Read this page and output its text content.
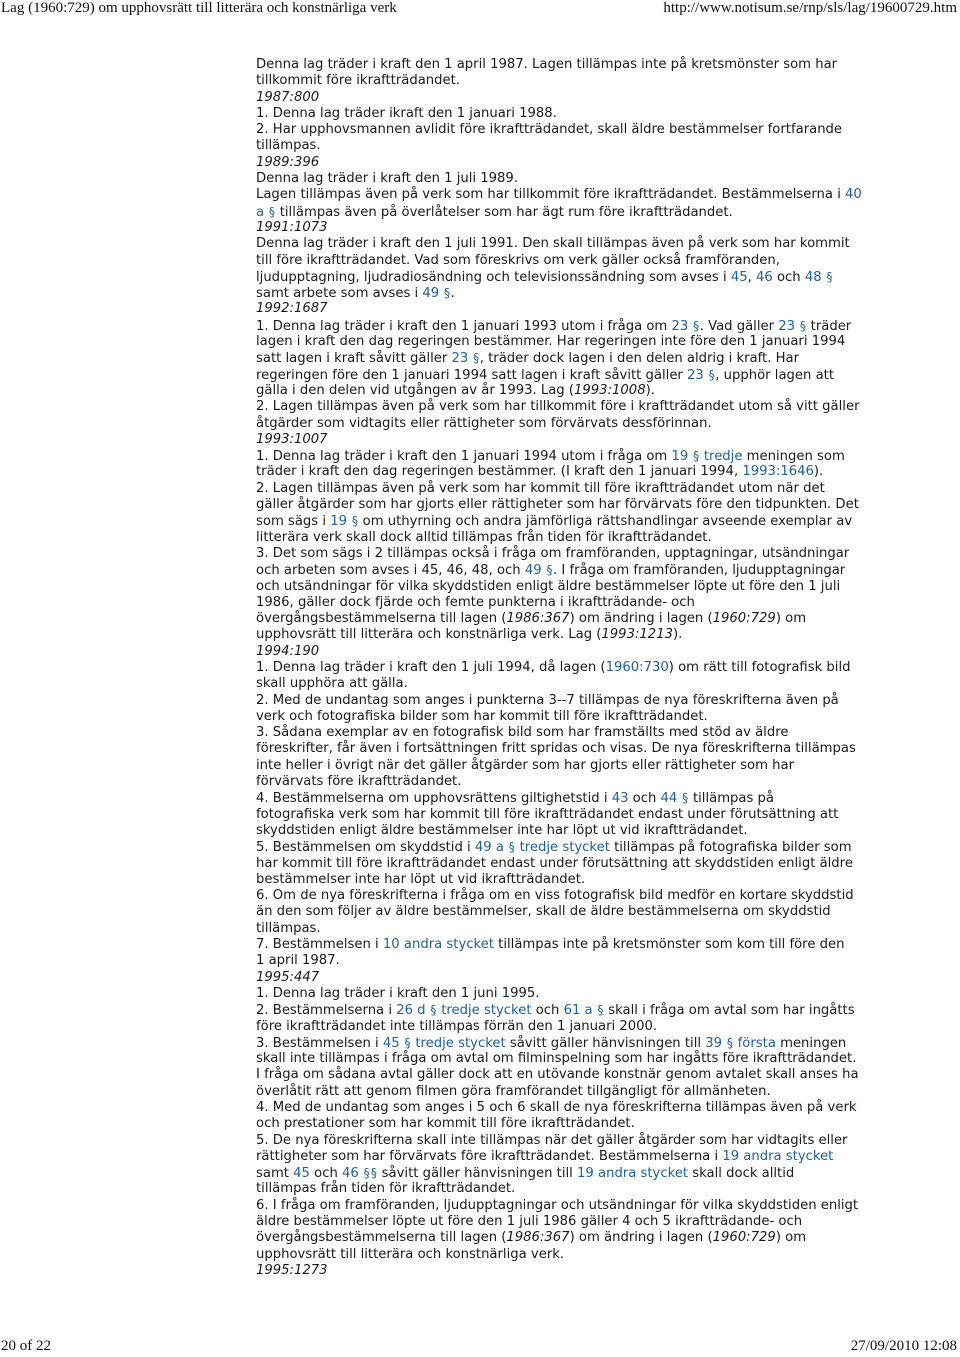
Lag (1960:729) om upphovsrätt till litterära och konstnärliga verk	http://www.notisum.se/rnp/sls/lag/19600729.htm
Denna lag träder i kraft den 1 april 1987. Lagen tillämpas inte på kretsmönster som har
tillkommit före ikraftträdandet.
1987:800
1. Denna lag träder ikraft den 1 januari 1988.
2. Har upphovsmannen avlidit före ikraftträdandet, skall äldre bestämmelser fortfarande
tillämpas.
1989:396
Denna lag träder i kraft den 1 juli 1989.
Lagen tillämpas även på verk som har tillkommit före ikraftträdandet. Bestämmelserna i 40
a § tillämpas även på överlåtelser som har ägt rum före ikraftträdandet.
1991:1073
Denna lag träder i kraft den 1 juli 1991. Den skall tillämpas även på verk som har kommit
till före ikraftträdandet. Vad som föreskrivs om verk gäller också framföranden,
ljudupptagning, ljudradiosändning och televisionssändning som avses i 45, 46 och 48 §
samt arbete som avses i 49 §.
1992:1687
1. Denna lag träder i kraft den 1 januari 1993 utom i fråga om 23 §. Vad gäller 23 § träder
lagen i kraft den dag regeringen bestämmer. Har regeringen inte före den 1 januari 1994
satt lagen i kraft såvitt gäller 23 §, träder dock lagen i den delen aldrig i kraft. Har
regeringen före den 1 januari 1994 satt lagen i kraft såvitt gäller 23 §, upphör lagen att
gälla i den delen vid utgången av år 1993. Lag (1993:1008).
2. Lagen tillämpas även på verk som har tillkommit före i kraftträdandet utom så vitt gäller
åtgärder som vidtagits eller rättigheter som förvärvats dessförinnan.
1993:1007
1. Denna lag träder i kraft den 1 januari 1994 utom i fråga om 19 § tredje meningen som
träder i kraft den dag regeringen bestämmer. (I kraft den 1 januari 1994, 1993:1646).
2. Lagen tillämpas även på verk som har kommit till före ikraftträdandet utom när det
gäller åtgärder som har gjorts eller rättigheter som har förvärvats före den tidpunkten. Det
som sägs i 19 § om uthyrning och andra jämförliga rättshandlingar avseende exemplar av
litterära verk skall dock alltid tillämpas från tiden för ikraftträdandet.
3. Det som sägs i 2 tillämpas också i fråga om framföranden, upptagningar, utsändningar
och arbeten som avses i 45, 46, 48, och 49 §. I fråga om framföranden, ljudupptagningar
och utsändningar för vilka skyddstiden enligt äldre bestämmelser löpte ut före den 1 juli
1986, gäller dock fjärde och femte punkterna i ikraftträdande- och
övergångsbestämmelserna till lagen (1986:367) om ändring i lagen (1960:729) om
upphovsrätt till litterära och konstnärliga verk. Lag (1993:1213).
1994:190
1. Denna lag träder i kraft den 1 juli 1994, då lagen (1960:730) om rätt till fotografisk bild
skall upphöra att gälla.
2. Med de undantag som anges i punkterna 3--7 tillämpas de nya föreskrifterna även på
verk och fotografiska bilder som har kommit till före ikraftträdandet.
3. Sådana exemplar av en fotografisk bild som har framställts med stöd av äldre
föreskrifter, får även i fortsättningen fritt spridas och visas. De nya föreskrifterna tillämpas
inte heller i övrigt när det gäller åtgärder som har gjorts eller rättigheter som har
förvärvats före ikraftträdandet.
4. Bestämmelserna om upphovsrättens giltighetstid i 43 och 44 § tillämpas på
fotografiska verk som har kommit till före ikraftträdandet endast under förutsättning att
skyddstiden enligt äldre bestämmelser inte har löpt ut vid ikraftträdandet.
5. Bestämmelsen om skyddstid i 49 a § tredje stycket tillämpas på fotografiska bilder som
har kommit till före ikraftträdandet endast under förutsättning att skyddstiden enligt äldre
bestämmelser inte har löpt ut vid ikraftträdandet.
6. Om de nya föreskrifterna i fråga om en viss fotografisk bild medför en kortare skyddstid
än den som följer av äldre bestämmelser, skall de äldre bestämmelserna om skyddstid
tillämpas.
7. Bestämmelsen i 10 andra stycket tillämpas inte på kretsmönster som kom till före den
1 april 1987.
1995:447
1. Denna lag träder i kraft den 1 juni 1995.
2. Bestämmelserna i 26 d § tredje stycket och 61 a § skall i fråga om avtal som har ingåtts
före ikraftträdandet inte tillämpas förrän den 1 januari 2000.
3. Bestämmelsen i 45 § tredje stycket såvitt gäller hänvisningen till 39 § första meningen
skall inte tillämpas i fråga om avtal om filminspelning som har ingåtts före ikraftträdandet.
I fråga om sådana avtal gäller dock att en utövande konstnär genom avtalet skall anses ha
överlåtit rätt att genom filmen göra framförandet tillgängligt för allmänheten.
4. Med de undantag som anges i 5 och 6 skall de nya föreskrifterna tillämpas även på verk
och prestationer som har kommit till före ikraftträdandet.
5. De nya föreskrifterna skall inte tillämpas när det gäller åtgärder som har vidtagits eller
rättigheter som har förvärvats före ikraftträdandet. Bestämmelserna i 19 andra stycket
samt 45 och 46 §§ såvitt gäller hänvisningen till 19 andra stycket skall dock alltid
tillämpas från tiden för ikraftträdandet.
6. I fråga om framföranden, ljudupptagningar och utsändningar för vilka skyddstiden enligt
äldre bestämmelser löpte ut före den 1 juli 1986 gäller 4 och 5 ikraftträdande- och
övergångsbestämmelserna till lagen (1986:367) om ändring i lagen (1960:729) om
upphovsrätt till litterära och konstnärliga verk.
1995:1273
20 of 22	27/09/2010 12:08
